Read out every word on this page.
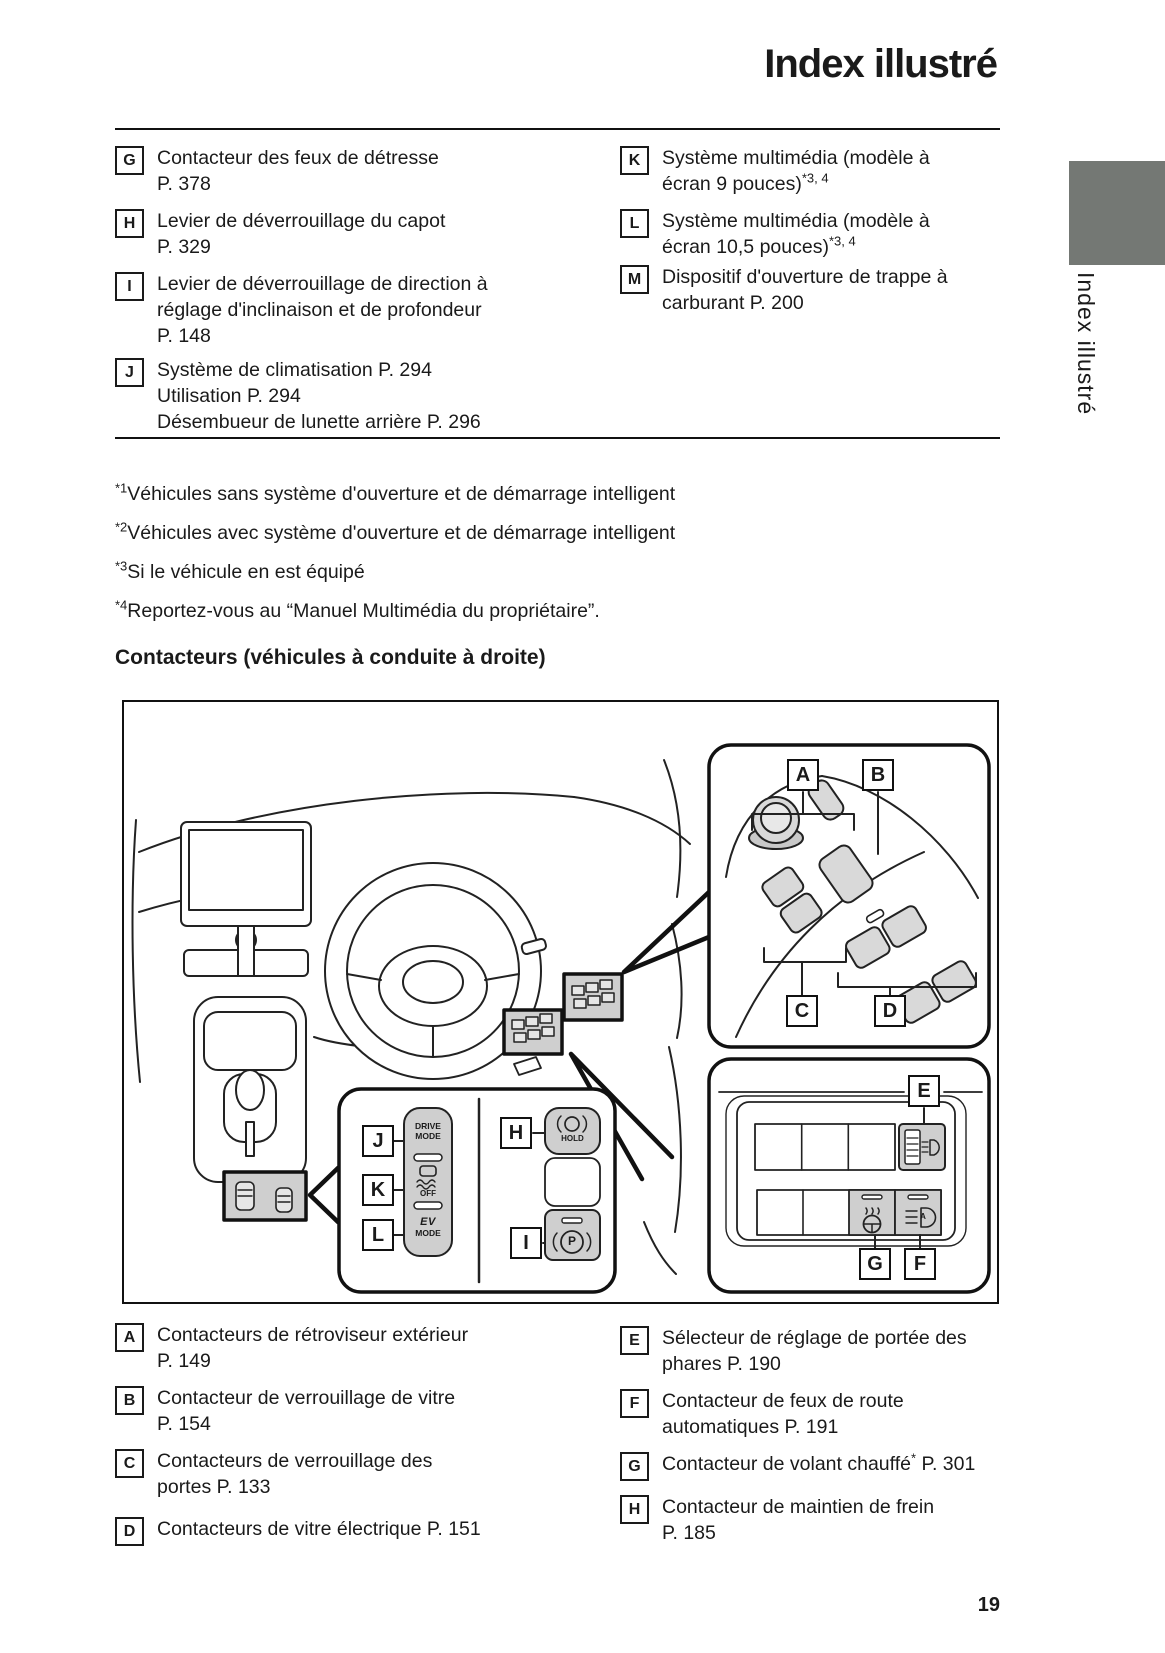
Index illustré
Index illustré
G	Contacteur des feux de détresse
P. 378
H	Levier de déverrouillage du capot
P. 329
I	Levier de déverrouillage de direction à
réglage d'inclinaison et de profondeur
P. 148
J	Système de climatisation P. 294
Utilisation P. 294
Désembueur de lunette arrière P. 296
K	Système multimédia (modèle à
écran 9 pouces)$^{*3, 4}$
L	Système multimédia (modèle à
écran 10,5 pouces)$^{*3, 4}$
M	Dispositif d'ouverture de trappe à
carburant P. 200
$^{*1}$Véhicules sans système d'ouverture et de démarrage intelligent
$^{*2}$Véhicules avec système d'ouverture et de démarrage intelligent
$^{*3}$Si le véhicule en est équipé
$^{*4}$Reportez-vous au “Manuel Multimédia du propriétaire”.
Contacteurs (véhicules à conduite à droite)
A	B
C	D
E
F
G
H
I
J
K
L
DRIVE
MODE
OFF
EV
MODE
HOLD
P
A
A	Contacteurs de rétroviseur extérieur
P. 149
B	Contacteur de verrouillage de vitre
P. 154
C	Contacteurs de verrouillage des
portes P. 133
D	Contacteurs de vitre électrique P. 151
E	Sélecteur de réglage de portée des
phares P. 190
F	Contacteur de feux de route
automatiques P. 191
G	Contacteur de volant chauffé* P. 301
H	Contacteur de maintien de frein
P. 185
19
